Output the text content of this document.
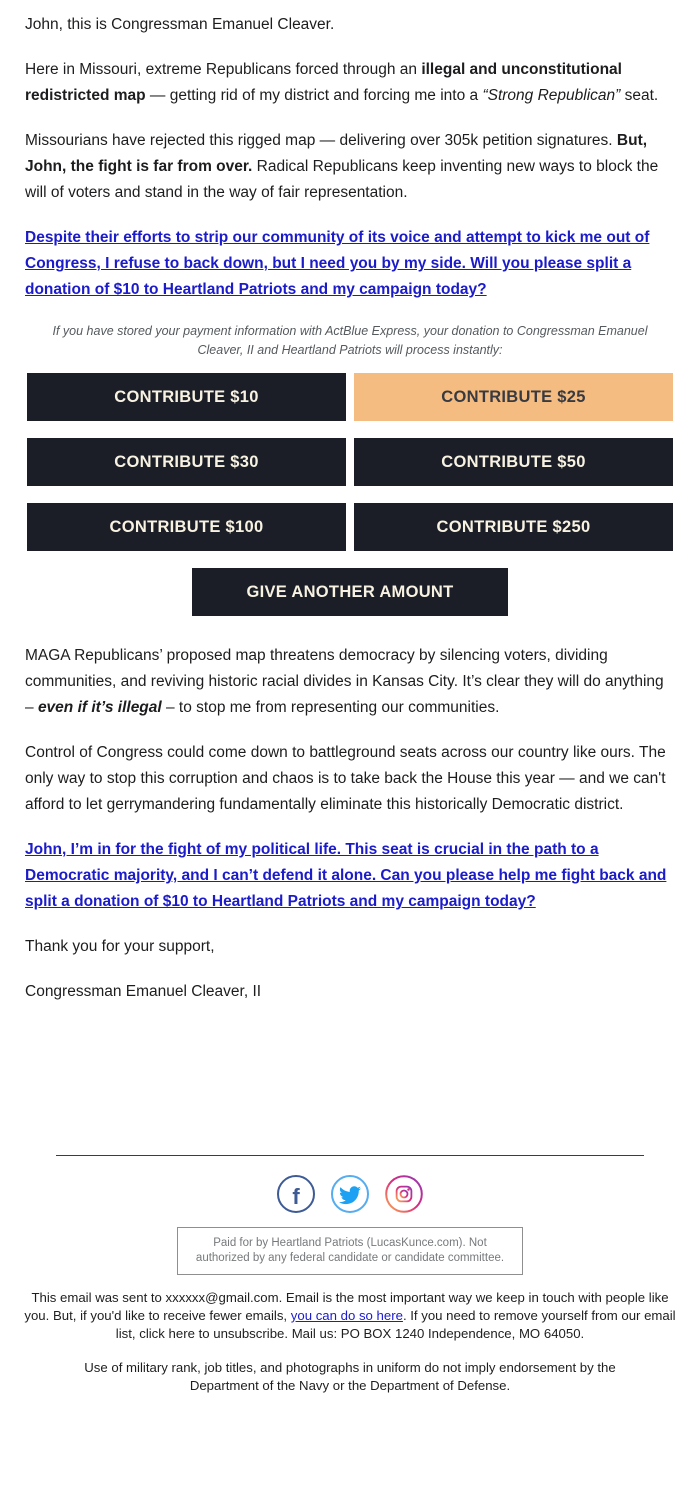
John, this is Congressman Emanuel Cleaver.

Here in Missouri, extreme Republicans forced through an illegal and unconstitutional redistricted map — getting rid of my district and forcing me into a “Strong Republican” seat.

Missourians have rejected this rigged map — delivering over 305k petition signatures. But, John, the fight is far from over. Radical Republicans keep inventing new ways to block the will of voters and stand in the way of fair representation.

Despite their efforts to strip our community of its voice and attempt to kick me out of Congress, I refuse to back down, but I need you by my side. Will you please split a donation of $10 to Heartland Patriots and my campaign today?

If you have stored your payment information with ActBlue Express, your donation to Congressman Emanuel Cleaver, II and Heartland Patriots will process instantly:

CONTRIBUTE $10	CONTRIBUTE $25
CONTRIBUTE $30	CONTRIBUTE $50
CONTRIBUTE $100	CONTRIBUTE $250
GIVE ANOTHER AMOUNT

MAGA Republicans’ proposed map threatens democracy by silencing voters, dividing communities, and reviving historic racial divides in Kansas City. It’s clear they will do anything – even if it’s illegal – to stop me from representing our communities.

Control of Congress could come down to battleground seats across our country like ours. The only way to stop this corruption and chaos is to take back the House this year — and we can't afford to let gerrymandering fundamentally eliminate this historically Democratic district.

John, I’m in for the fight of my political life. This seat is crucial in the path to a Democratic majority, and I can’t defend it alone. Can you please help me fight back and split a donation of $10 to Heartland Patriots and my campaign today?

Thank you for your support,

Congressman Emanuel Cleaver, II

f
Paid for by Heartland Patriots (LucasKunce.com). Not authorized by any federal candidate or candidate committee.

This email was sent to xxxxxx@gmail.com. Email is the most important way we keep in touch with people like you. But, if you'd like to receive fewer emails, you can do so here. If you need to remove yourself from our email list, click here to unsubscribe. Mail us: PO BOX 1240 Independence, MO 64050.

Use of military rank, job titles, and photographs in uniform do not imply endorsement by the Department of the Navy or the Department of Defense.
